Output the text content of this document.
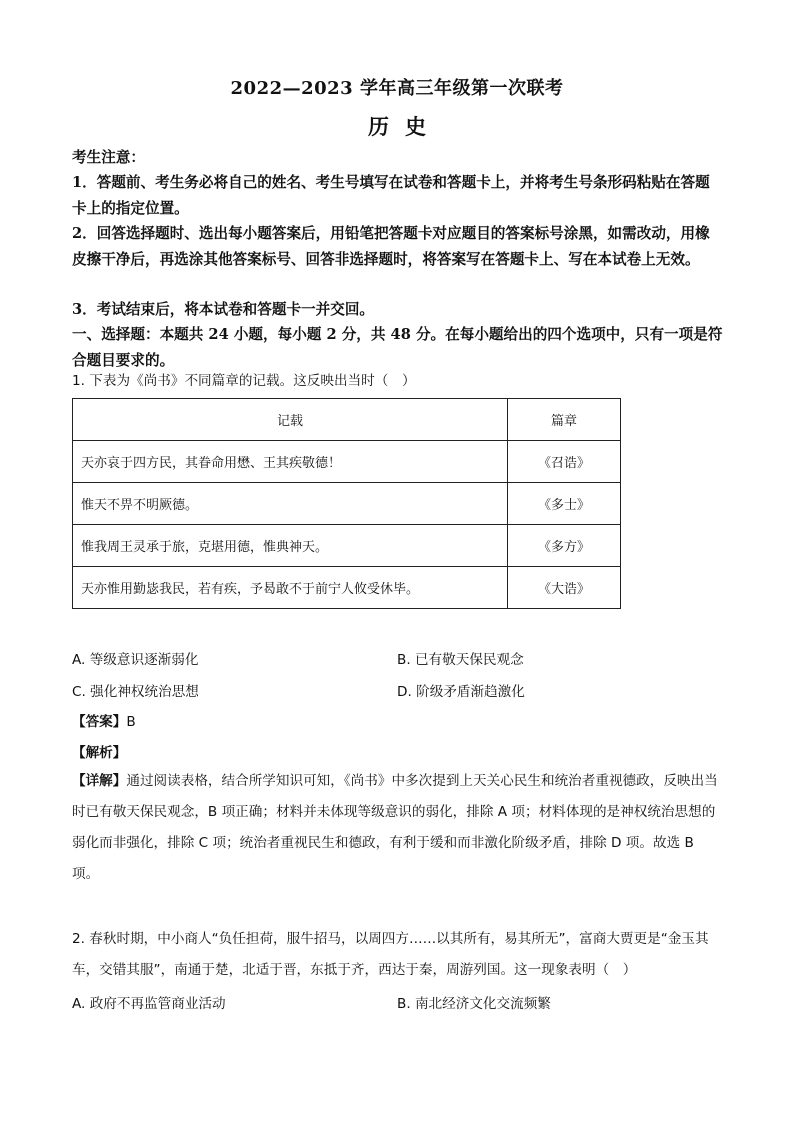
2022—2023 学年高三年级第一次联考
历史
考生注意：
1．答题前、考生务必将自己的姓名、考生号填写在试卷和答题卡上，并将考生号条形码粘贴在答题卡上的指定位置。
2．回答选择题时、选出每小题答案后，用铅笔把答题卡对应题目的答案标号涂黑，如需改动，用橡皮擦干净后，再选涂其他答案标号、回答非选择题时，将答案写在答题卡上、写在本试卷上无效。
3．考试结束后，将本试卷和答题卡一并交回。
一、选择题：本题共 24 小题，每小题 2 分，共 48 分。在每小题给出的四个选项中，只有一项是符合题目要求的。
1. 下表为《尚书》不同篇章的记载。这反映出当时（　）
记载	篇章
天亦哀于四方民，其眷命用懋、王其疾敬德！	《召诰》
惟天不畀不明厥德。	《多士》
惟我周王灵承于旅，克堪用德，惟典神天。	《多方》
天亦惟用勤毖我民，若有疾，予曷敢不于前宁人攸受休毕。	《大诰》
A. 等级意识逐渐弱化	B. 已有敬天保民观念
C. 强化神权统治思想	D. 阶级矛盾渐趋激化
【答案】B
【解析】
【详解】通过阅读表格，结合所学知识可知，《尚书》中多次提到上天关心民生和统治者重视德政，反映出当时已有敬天保民观念，B 项正确；材料并未体现等级意识的弱化，排除 A 项；材料体现的是神权统治思想的弱化而非强化，排除 C 项；统治者重视民生和德政，有利于缓和而非激化阶级矛盾，排除 D 项。故选 B 项。
2. 春秋时期，中小商人“负任担荷，服牛招马，以周四方……以其所有，易其所无”，富商大贾更是“金玉其车，交错其服”，南通于楚，北适于晋，东抵于齐，西达于秦，周游列国。这一现象表明（　）
A. 政府不再监管商业活动	B. 南北经济文化交流频繁
